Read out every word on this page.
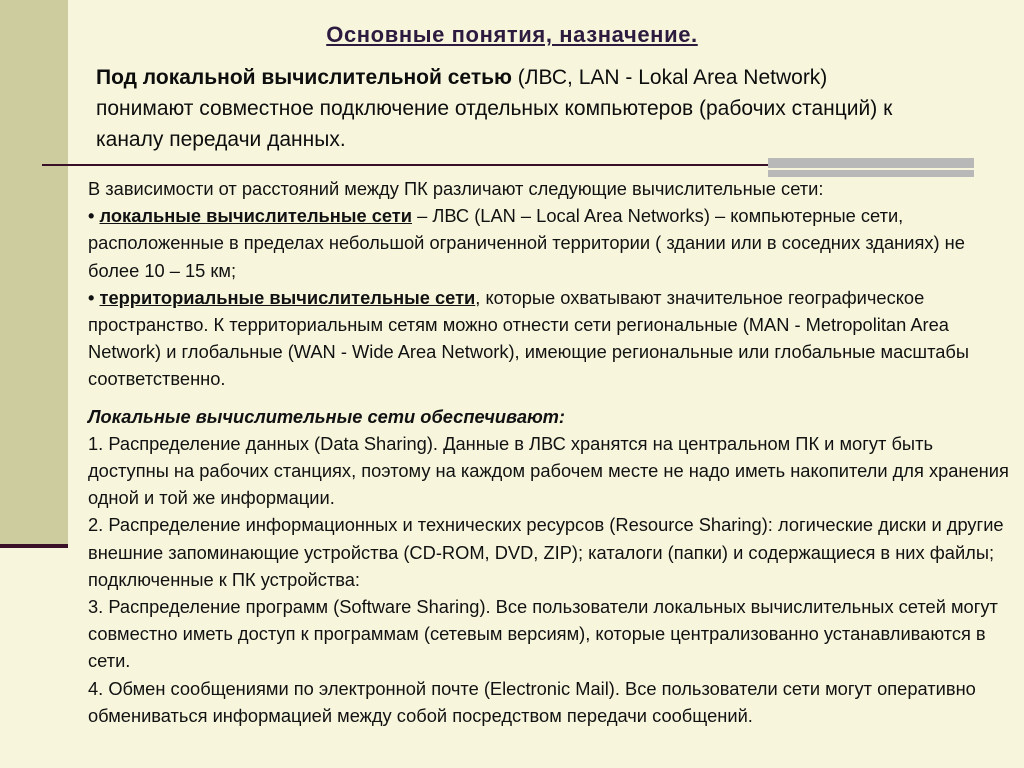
Основные понятия, назначение.
Под локальной вычислительной сетью (ЛВС, LAN - Lokal Area Network) понимают совместное подключение отдельных компьютеров (рабочих станций) к каналу передачи данных.

В зависимости от расстояний между ПК различают следующие вычислительные сети:

• локальные вычислительные сети – ЛВС (LAN – Local Area Networks) – компьютерные сети, расположенные в пределах небольшой ограниченной территории ( здании или в соседних зданиях) не более 10 – 15 км;

• территориальные вычислительные сети, которые охватывают значительное географическое пространство. К территориальным сетям можно отнести сети региональные (MAN - Metropolitan Area Network) и глобальные (WAN - Wide Area Network), имеющие региональные или глобальные масштабы соответственно.

Локальные вычислительные сети обеспечивают:

1. Распределение данных (Data Sharing). Данные в ЛВС хранятся на центральном ПК и могут быть доступны на рабочих станциях, поэтому на каждом рабочем месте не надо иметь накопители для хранения одной и той же информации.

2. Распределение информационных и технических ресурсов (Resource Sharing): логические диски и другие внешние запоминающие устройства (CD-ROM, DVD, ZIP); каталоги (папки) и содержащиеся в них файлы; подключенные к ПК устройства:

3. Распределение программ (Software Sharing). Все пользователи локальных вычислительных сетей могут совместно иметь доступ к программам (сетевым версиям), которые централизованно устанавливаются в сети.

4. Обмен сообщениями по электронной почте (Electronic Mail). Все пользователи сети могут оперативно обмениваться информацией между собой посредством передачи сообщений.
